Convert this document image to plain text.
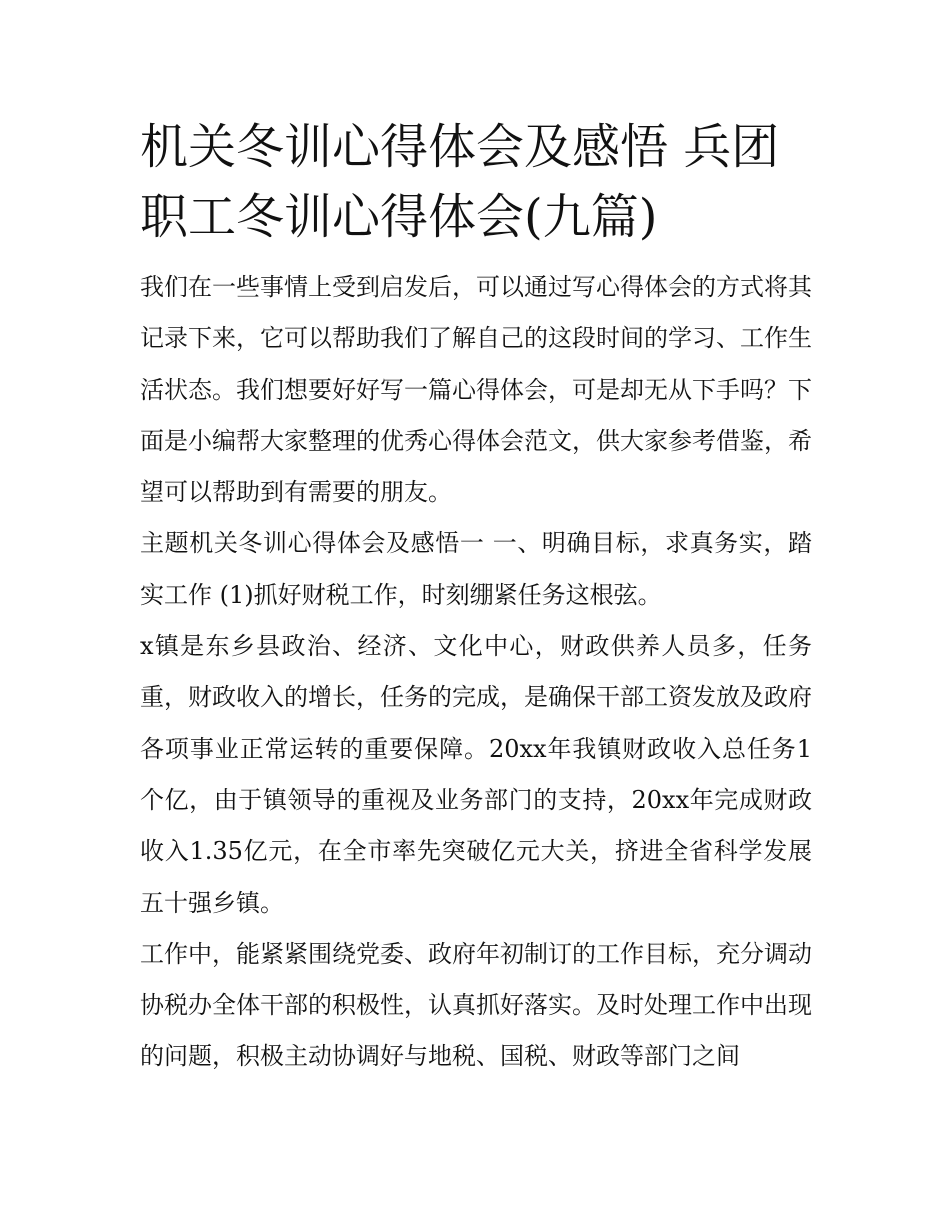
机关冬训心得体会及感悟 兵团职工冬训心得体会(九篇)

我们在一些事情上受到启发后，可以通过写心得体会的方式将其记录下来，它可以帮助我们了解自己的这段时间的学习、工作生活状态。我们想要好好写一篇心得体会，可是却无从下手吗？下面是小编帮大家整理的优秀心得体会范文，供大家参考借鉴，希望可以帮助到有需要的朋友。

主题机关冬训心得体会及感悟一 一、明确目标，求真务实，踏实工作 (1)抓好财税工作，时刻绷紧任务这根弦。

x镇是东乡县政治、经济、文化中心，财政供养人员多，任务重，财政收入的增长，任务的完成，是确保干部工资发放及政府各项事业正常运转的重要保障。20xx年我镇财政收入总任务1个亿，由于镇领导的重视及业务部门的支持，20xx年完成财政收入1.35亿元，在全市率先突破亿元大关，挤进全省科学发展五十强乡镇。

工作中，能紧紧围绕党委、政府年初制订的工作目标，充分调动协税办全体干部的积极性，认真抓好落实。及时处理工作中出现的问题，积极主动协调好与地税、国税、财政等部门之间
